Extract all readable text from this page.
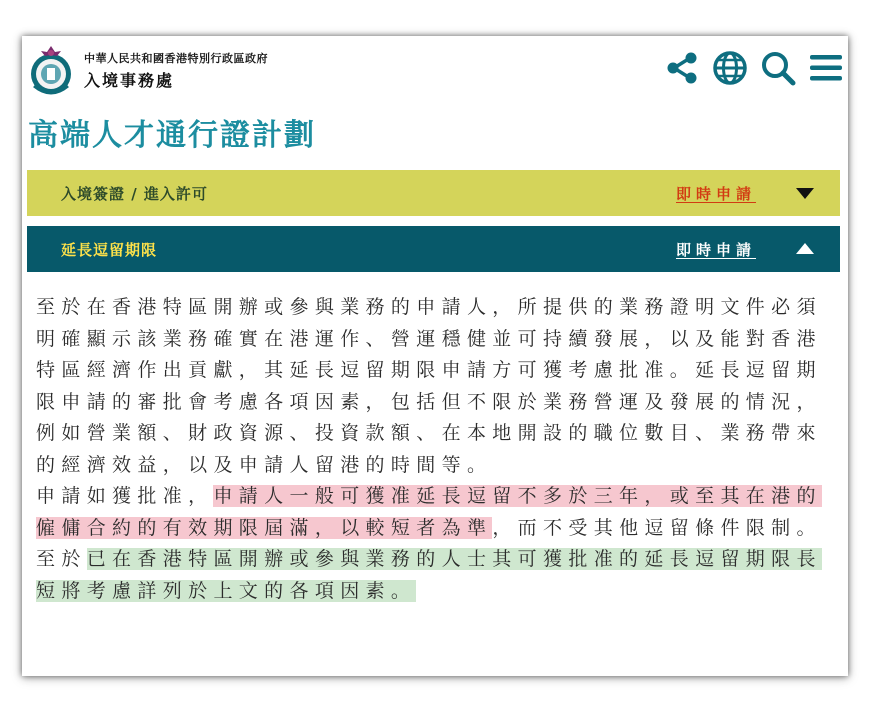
中華人民共和國香港特別行政區政府
入境事務處
高端人才通行證計劃
入境簽證 / 進入許可	即時申請
延長逗留期限	即時申請

至於在香港特區開辦或參與業務的申請人，所提供的業務證明文件必須明確顯示該業務確實在港運作、營運穩健並可持續發展，以及能對香港特區經濟作出貢獻，其延長逗留期限申請方可獲考慮批准。延長逗留期限申請的審批會考慮各項因素，包括但不限於業務營運及發展的情況，例如營業額、財政資源、投資款額、在本地開設的職位數目、業務帶來的經濟效益，以及申請人留港的時間等。

申請如獲批准，申請人一般可獲准延長逗留不多於三年，或至其在港的僱傭合約的有效期限屆滿，以較短者為準，而不受其他逗留條件限制。至於已在香港特區開辦或參與業務的人士其可獲批准的延長逗留期限長短將考慮詳列於上文的各項因素。
